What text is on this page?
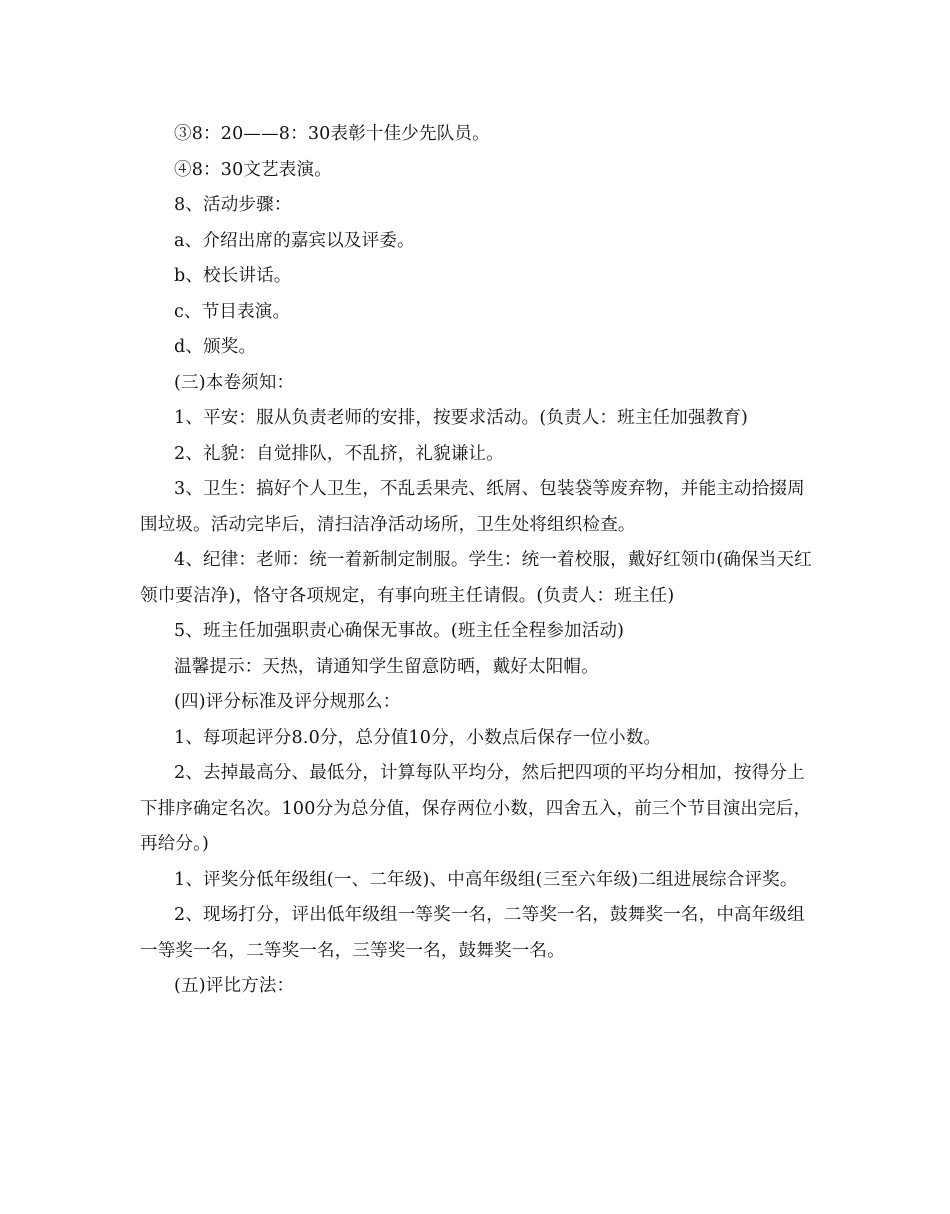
③8：20——8：30表彰十佳少先队员。

④8：30文艺表演。

8、活动步骤：

a、介绍出席的嘉宾以及评委。

b、校长讲话。

c、节目表演。

d、颁奖。

(三)本卷须知：

1、平安：服从负责老师的安排，按要求活动。(负责人：班主任加强教育)

2、礼貌：自觉排队，不乱挤，礼貌谦让。

3、卫生：搞好个人卫生，不乱丢果壳、纸屑、包装袋等废弃物，并能主动拾掇周围垃圾。活动完毕后，清扫洁净活动场所，卫生处将组织检查。

4、纪律：老师：统一着新制定制服。学生：统一着校服，戴好红领巾(确保当天红领巾要洁净)，恪守各项规定，有事向班主任请假。(负责人：班主任)

5、班主任加强职责心确保无事故。(班主任全程参加活动)

温馨提示：天热，请通知学生留意防晒，戴好太阳帽。

(四)评分标准及评分规那么：

1、每项起评分8.0分，总分值10分，小数点后保存一位小数。

2、去掉最高分、最低分，计算每队平均分，然后把四项的平均分相加，按得分上下排序确定名次。100分为总分值，保存两位小数，四舍五入，前三个节目演出完后，再给分。)

1、评奖分低年级组(一、二年级)、中高年级组(三至六年级)二组进展综合评奖。

2、现场打分，评出低年级组一等奖一名，二等奖一名，鼓舞奖一名，中高年级组一等奖一名，二等奖一名，三等奖一名，鼓舞奖一名。

(五)评比方法：
